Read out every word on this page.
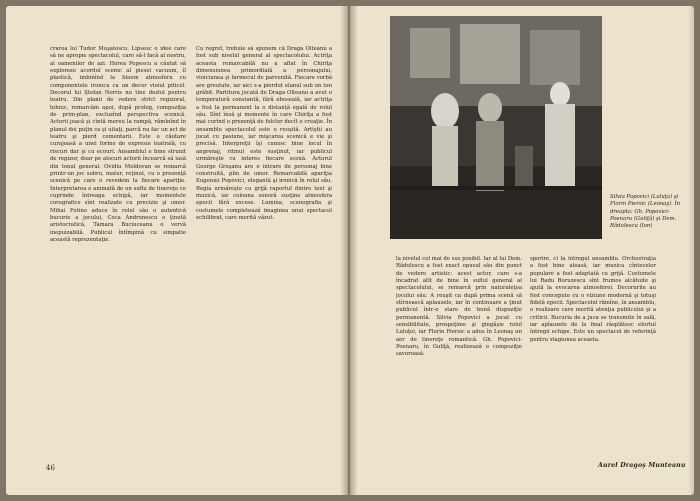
crarea lui Tudor Muşatescu. Lipsesc o idee care să ne apropie spectacolul, care să-l facă al nostru, al oamenilor de azi. Horea Popescu a căutat să exploreze acordul scenic al piesei vacuum, îl plastică, imbinînd la bloom atmosfera cu componentele ironica ca un decor vioiul piticel. Decorul lui Ştefan Norris nu tine dezlul pentru teatru. Din planii de vedere strict regizoral, tehnic, remarcăm apoi, după prolog, compoziţia de prim-plan, excluzînd perspectiva scenică. Actorii joacă şi cîntă mereu la rampă, rămînînd în planul doi puţin ca şi uitaţi, parcă nu fac un act de teatru şi pierd comentarii. Este o căutare curajoasă a unei forme de expresie teatrală, cu riscuri dar şi cu ecouri. Ansamblul e bine strunit de regizor, doar pe alocuri actorii încearcă să iasă din tonul general. Ovidiu Moldovan se remarcă printr-un joc sobru, matur, reţinut, cu o prezenţă scenică pe care o revedem la fiecare apariţie. Interpretarea e animată de un suflu de tinereţe ce cuprinde întreaga echipă, iar momentele coregrafice sînt realizate cu precizie şi umor. Mihai Fotino aduce în rolul său o autentică bucurie a jocului, Coca Andronescu o ţinută aristocratică, Tamara Buciuceanu o vervă inepuizabilă. Publicul întîmpină cu simpatie această reprezentaţie.
Cu regret, trebuie să spunem că Draga Olteanu a fost sub nivelul general al spectacolului. Actriţa aceasta remarcabilă nu a aflat în Chiriţa dimensiunea primordială a personajului, vioiciunea şi farmecul de parvenită. Fiecare vorbă are greutate, iar aici s-a pierdut elanul sub un ton grăbit. Partitura jucată de Draga Olteanu a avut o temperatură constantă, fără oboseală, iar actriţa a fost la permanent la o distanţă egală de rolul său. Sînt însă şi momente în care Chiriţa a fost mai curînd o prezenţă de folclor decît o creaţie. În ansamblu spectacolul este o reuşită. Artiştii au jucat cu pasiune, iar mişcarea scenică e vie şi precisă. Interpreţii îşi cunosc bine locul în angrenaj, ritmul este susţinut, iar publicul urmăreşte cu interes fiecare scenă. Actorul George Groşanu are o intrare de personaj bine construită, plin de umor. Remarcabilă apariţia Eugeniei Popovici, elegantă şi ironică în rolul său. Regia urmăreşte cu grijă raportul dintre text şi muzică, iar coloana sonoră susţine atmosfera epocii fără excese. Lumina, scenografia şi costumele completează imaginea unui spectacol echilibrat, care merită văzut.
46
Silvia Popovici (Luluţa) şi Florin Piersic (Leonaş). În dreapta: Gh. Popovici-Poenaru (Guliţă) şi Dem. Rădulescu (Ion)
la nivelul cel mai de sus posibil. Iar al lui Dem. Rădulescu a fost exact opusul său din punct de vedere artistic: acest actor, care s-a încadrat atît de bine în suflul general al spectacolului, se remarcă prin naturaleţea jocului său. A reuşit ca după prima scenă să stîrnească aplauzele, iar în continuare a ţinut publicul într-o stare de bună dispoziţie permanentă. Silvia Popovici a jucat cu sensibilitate, prospeţime şi gingăşie rolul Luluţei, iar Florin Piersic a adus în Leonaş un aer de tinereţe romantică. Gh. Popovici-Poenaru, în Guliţă, realizează o compoziţie savuroasă.
sporire, ci la întregul ansamblu. Orchestraţia a fost bine aleasă, iar muzica cîntecelor populare a fost adaptată cu grijă. Costumele lui Radu Boruzescu sînt frumos alcătuite şi ajută la evocarea atmosferei. Decorurile au fost concepute cu o viziune modernă şi totuşi fidelă epocii. Spectacolul rămîne, în ansamblu, o realizare care merită atenţia publicului şi a criticii. Bucuria de a juca se transmite în sală, iar aplauzele de la final răsplătesc efortul întregii echipe. Este un spectacol de referinţă pentru stagiunea aceasta.
Aurel Dragoş Munteanu
